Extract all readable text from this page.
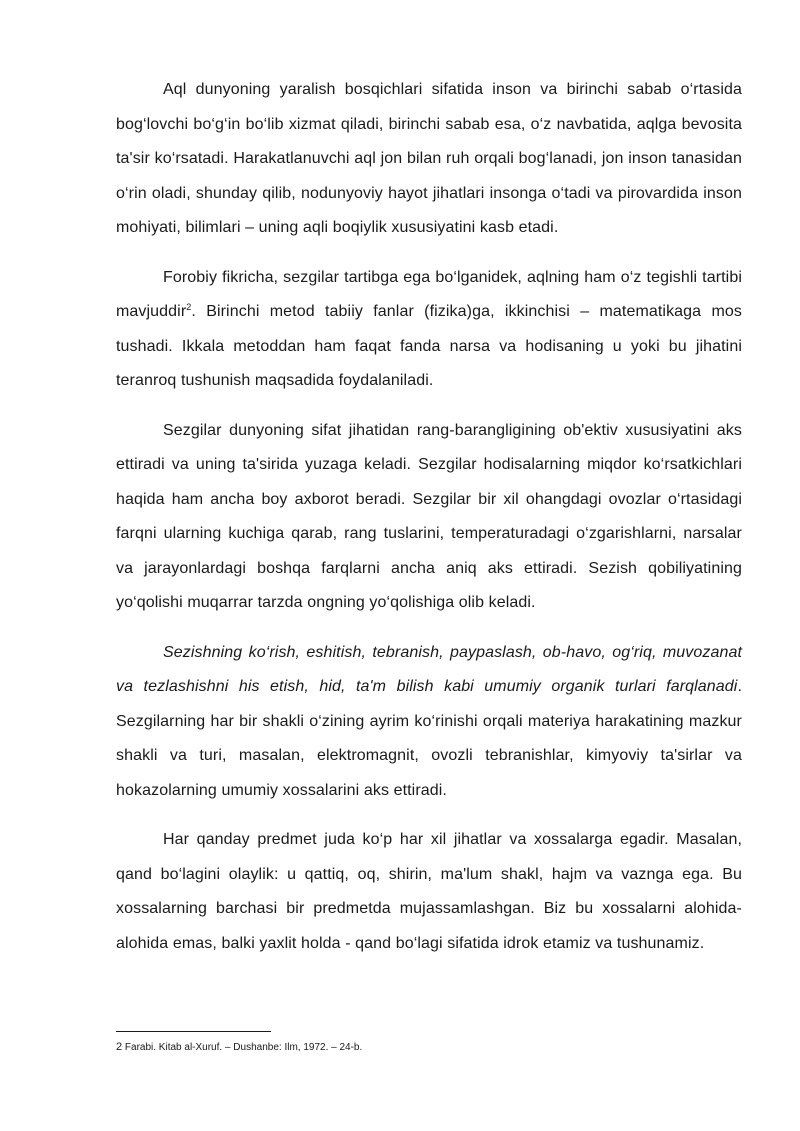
Aql dunyoning yaralish bosqichlari sifatida inson va birinchi sabab o‘rtasida bog‘lovchi bo‘g‘in bo‘lib xizmat qiladi, birinchi sabab esa, o‘z navbatida, aqlga bevosita ta'sir ko‘rsatadi. Harakatlanuvchi aql jon bilan ruh orqali bog‘lanadi, jon inson tanasidan o‘rin oladi, shunday qilib, nodunyoviy hayot jihatlari insonga o‘tadi va pirovardida inson mohiyati, bilimlari – uning aqli boqiylik xususiyatini kasb etadi.

Forobiy fikricha, sezgilar tartibga ega bo‘lganidek, aqlning ham o‘z tegishli tartibi mavjuddir$^2$. Birinchi metod tabiiy fanlar (fizika)ga, ikkinchisi – matematikaga mos tushadi. Ikkala metoddan ham faqat fanda narsa va hodisaning u yoki bu jihatini teranroq tushunish maqsadida foydalaniladi.

Sezgilar dunyoning sifat jihatidan rang-barangligining ob'ektiv xususiyatini aks ettiradi va uning ta'sirida yuzaga keladi. Sezgilar hodisalarning miqdor ko‘rsatkichlari haqida ham ancha boy axborot beradi. Sezgilar bir xil ohangdagi ovozlar o‘rtasidagi farqni ularning kuchiga qarab, rang tuslarini, temperaturadagi o‘zgarishlarni, narsalar va jarayonlardagi boshqa farqlarni ancha aniq aks ettiradi. Sezish qobiliyatining yo‘qolishi muqarrar tarzda ongning yo‘qolishiga olib keladi.

Sezishning ko‘rish, eshitish, tebranish, paypaslash, ob-havo, og‘riq, muvozanat va tezlashishni his etish, hid, ta'm bilish kabi umumiy organik turlari farqlanadi. Sezgilarning har bir shakli o‘zining ayrim ko‘rinishi orqali materiya harakatining mazkur shakli va turi, masalan, elektromagnit, ovozli tebranishlar, kimyoviy ta'sirlar va hokazolarning umumiy xossalarini aks ettiradi.

Har qanday predmet juda ko‘p har xil jihatlar va xossalarga egadir. Masalan, qand bo‘lagini olaylik: u qattiq, oq, shirin, ma'lum shakl, hajm va vaznga ega. Bu xossalarning barchasi bir predmetda mujassamlashgan. Biz bu xossalarni alohida-alohida emas, balki yaxlit holda - qand bo‘lagi sifatida idrok etamiz va tushunamiz.

2 Farabi. Kitab al-Xuruf. – Dushanbe: Ilm, 1972. – 24-b.
